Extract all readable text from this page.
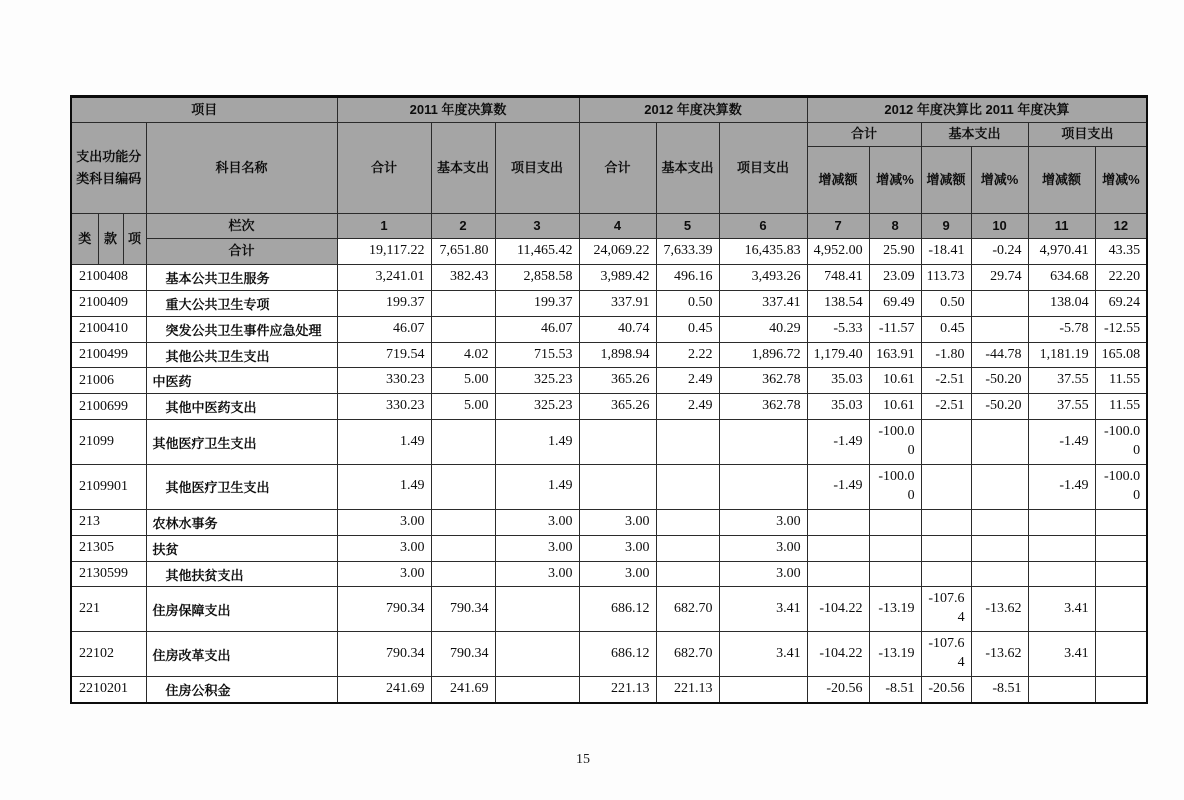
项目				2011 年度决算数			2012 年度决算数			2012 年度决算比 2011 年度决算					
支出功能分类科目编码			科目名称	合计	基本支出	项目支出	合计	基本支出	项目支出	合计		基本支出		项目支出	
										增减额	增减%	增减额	增减%	增减额	增减%
类	款	项	栏次	1	2	3	4	5	6	7	8	9	10	11	12
			合计	19,117.22	7,651.80	11,465.42	24,069.22	7,633.39	16,435.83	4,952.00	25.90	-18.41	-0.24	4,970.41	43.35
2100408			基本公共卫生服务	3,241.01	382.43	2,858.58	3,989.42	496.16	3,493.26	748.41	23.09	113.73	29.74	634.68	22.20
2100409			重大公共卫生专项	199.37		199.37	337.91	0.50	337.41	138.54	69.49	0.50		138.04	69.24
2100410			突发公共卫生事件应急处理	46.07		46.07	40.74	0.45	40.29	-5.33	-11.57	0.45		-5.78	-12.55
2100499			其他公共卫生支出	719.54	4.02	715.53	1,898.94	2.22	1,896.72	1,179.40	163.91	-1.80	-44.78	1,181.19	165.08
21006			中医药	330.23	5.00	325.23	365.26	2.49	362.78	35.03	10.61	-2.51	-50.20	37.55	11.55
2100699			其他中医药支出	330.23	5.00	325.23	365.26	2.49	362.78	35.03	10.61	-2.51	-50.20	37.55	11.55
21099			其他医疗卫生支出	1.49		1.49				-1.49	-100.00			-1.49	-100.00
2109901			其他医疗卫生支出	1.49		1.49				-1.49	-100.00			-1.49	-100.00
213			农林水事务	3.00		3.00	3.00		3.00						
21305			扶贫	3.00		3.00	3.00		3.00						
2130599			其他扶贫支出	3.00		3.00	3.00		3.00						
221			住房保障支出	790.34	790.34		686.12	682.70	3.41	-104.22	-13.19	-107.64	-13.62	3.41	
22102			住房改革支出	790.34	790.34		686.12	682.70	3.41	-104.22	-13.19	-107.64	-13.62	3.41	
2210201			住房公积金	241.69	241.69		221.13	221.13		-20.56	-8.51	-20.56	-8.51		
15
